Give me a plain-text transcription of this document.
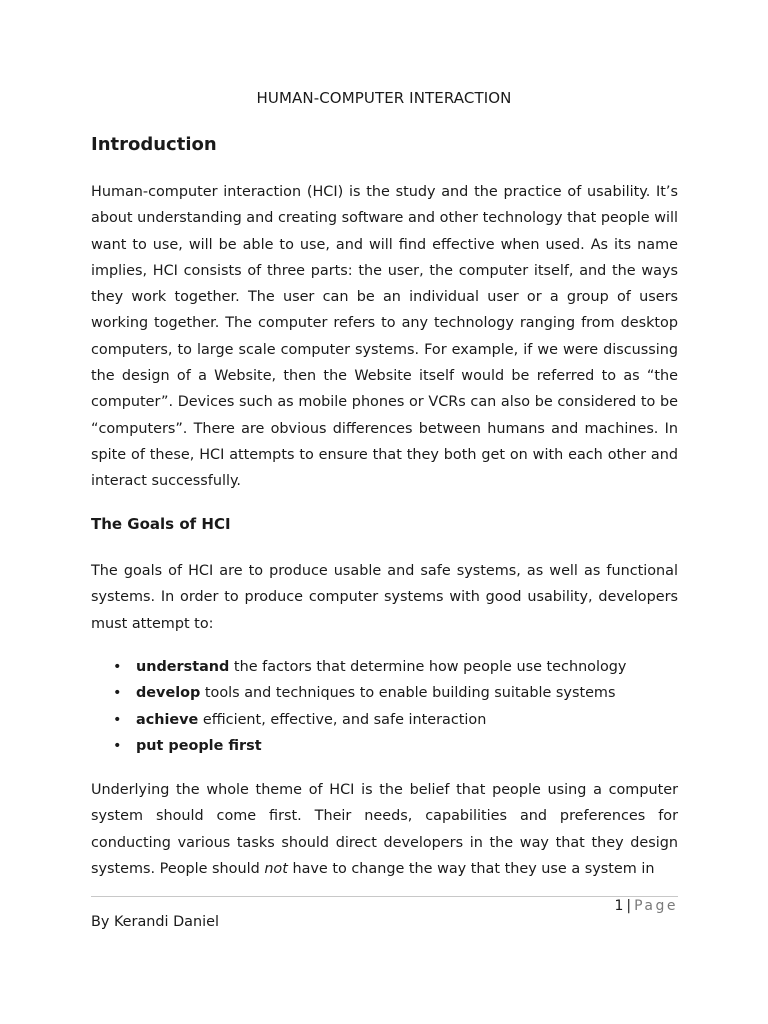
HUMAN-COMPUTER INTERACTION
Introduction

Human-computer interaction (HCI) is the study and the practice of usability. It’s about understanding and creating software and other technology that people will want to use, will be able to use, and will find effective when used. As its name implies, HCI consists of three parts: the user, the computer itself, and the ways they work together. The user can be an individual user or a group of users working together. The computer refers to any technology ranging from desktop computers, to large scale computer systems. For example, if we were discussing the design of a Website, then the Website itself would be referred to as “the computer”. Devices such as mobile phones or VCRs can also be considered to be “computers”. There are obvious differences between humans and machines. In spite of these, HCI attempts to ensure that they both get on with each other and interact successfully.

The Goals of HCI

The goals of HCI are to produce usable and safe systems, as well as functional systems. In order to produce computer systems with good usability, developers must attempt to:

• understand the factors that determine how people use technology
• develop tools and techniques to enable building suitable systems
• achieve efficient, effective, and safe interaction
• put people first

Underlying the whole theme of HCI is the belief that people using a computer system should come first. Their needs, capabilities and preferences for conducting various tasks should direct developers in the way that they design systems. People should not have to change the way that they use a system in

1 | Page
By Kerandi Daniel
